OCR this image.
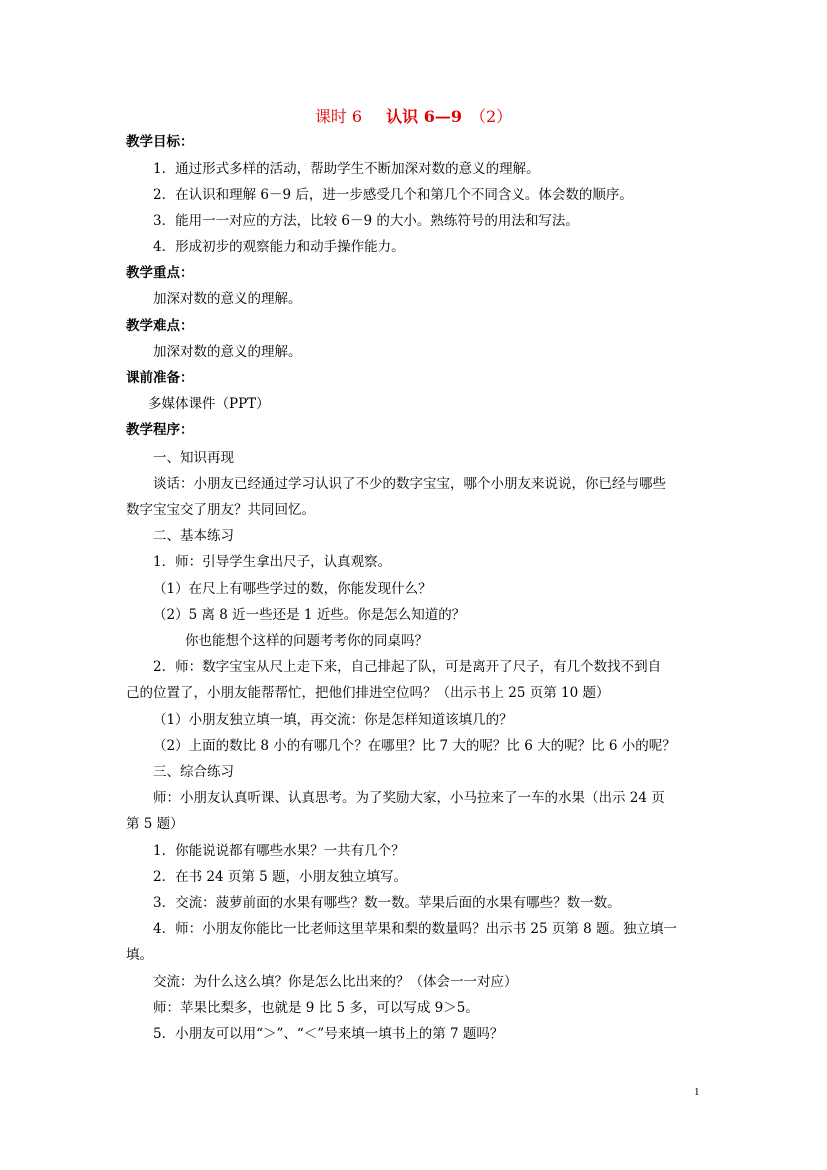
课时 6 认识 6—9 （2）
教学目标：
1．通过形式多样的活动，帮助学生不断加深对数的意义的理解。
2．在认识和理解 6－9 后，进一步感受几个和第几个不同含义。体会数的顺序。
3．能用一一对应的方法，比较 6－9 的大小。熟练符号的用法和写法。
4．形成初步的观察能力和动手操作能力。
教学重点：
加深对数的意义的理解。
教学难点：
加深对数的意义的理解。
课前准备：
多媒体课件（PPT）
教学程序：
一、知识再现
谈话：小朋友已经通过学习认识了不少的数字宝宝，哪个小朋友来说说，你已经与哪些
数字宝宝交了朋友？共同回忆。
二、基本练习
1．师：引导学生拿出尺子，认真观察。
（1）在尺上有哪些学过的数，你能发现什么？
（2）5 离 8 近一些还是 1 近些。你是怎么知道的？
你也能想个这样的问题考考你的同桌吗？
2．师：数字宝宝从尺上走下来，自己排起了队，可是离开了尺子，有几个数找不到自
己的位置了，小朋友能帮帮忙，把他们排进空位吗？（出示书上 25 页第 10 题）
（1）小朋友独立填一填，再交流：你是怎样知道该填几的？
（2）上面的数比 8 小的有哪几个？在哪里？比 7 大的呢？比 6 大的呢？比 6 小的呢？
三、综合练习
师：小朋友认真听课、认真思考。为了奖励大家，小马拉来了一车的水果（出示 24 页
第 5 题）
1．你能说说都有哪些水果？一共有几个？
2．在书 24 页第 5 题，小朋友独立填写。
3．交流：菠萝前面的水果有哪些？数一数。苹果后面的水果有哪些？数一数。
4．师：小朋友你能比一比老师这里苹果和梨的数量吗？出示书 25 页第 8 题。独立填一
填。
交流：为什么这么填？你是怎么比出来的？（体会一一对应）
师：苹果比梨多，也就是 9 比 5 多，可以写成 9＞5。
5．小朋友可以用“＞”、“＜”号来填一填书上的第 7 题吗？
1
